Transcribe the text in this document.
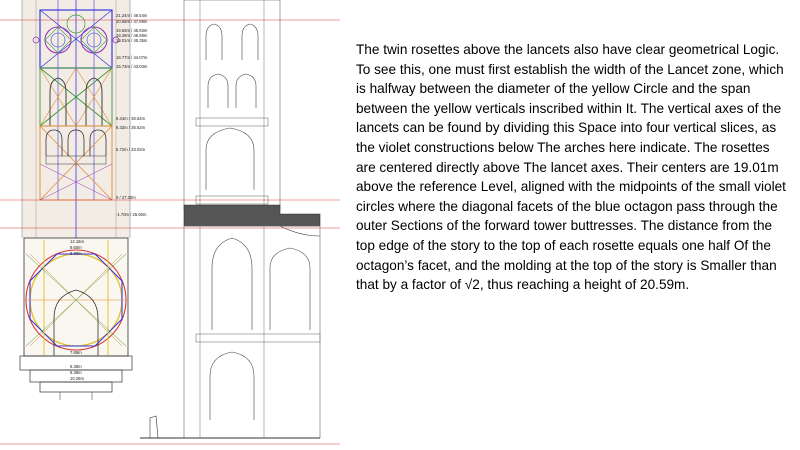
21.24m / 49.54m
20.59m / 47.89m
19.63m / 45.93m
19.29m / 45.69m
19.01m / 45.35m
16.77m / 44.07m
15.73m / 43.03m
9.34m / 36.64m
8.32m / 35.62m
5.72m / 33.02m
0 / 27.30m
-1.70m / 25.60m
12.16m
9.60m
8.80m
7.65m
6.38m
6.38m
10.28m

The twin rosettes above the lancets also have clear geometrical Logic. To see this, one must first establish the width of the Lancet zone, which is halfway between the diameter of the yellow Circle and the span between the yellow verticals inscribed within It. The vertical axes of the lancets can be found by dividing this Space into four vertical slices, as the violet constructions below The arches here indicate. The rosettes are centered directly above The lancet axes. Their centers are 19.01m above the reference Level, aligned with the midpoints of the small violet circles where the diagonal facets of the blue octagon pass through the outer Sections of the forward tower buttresses. The distance from the top edge of the story to the top of each rosette equals one half Of the octagon’s facet, and the molding at the top of the story is Smaller than that by a factor of √2, thus reaching a height of 20.59m.
